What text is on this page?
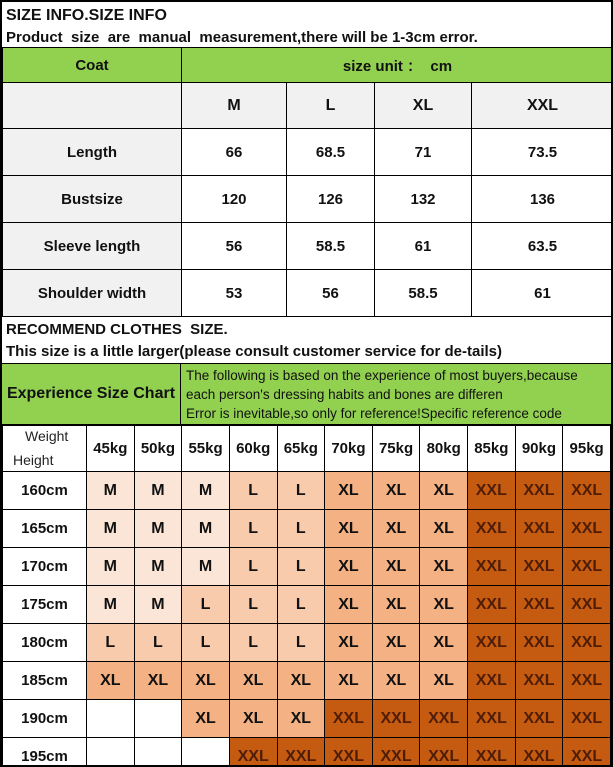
SIZE INFO.SIZE INFO
Product  size  are  manual  measurement,there will be 1-3cm error.
Coat	size unit ：  cm			
	M	L	XL	XXL
Length	66	68.5	71	73.5
Bustsize	120	126	132	136
Sleeve length	56	58.5	61	63.5
Shoulder width	53	56	58.5	61
RECOMMEND CLOTHES  SIZE.
This size is a little larger(please consult customer service for de-tails)
Experience Size Chart
The following is based on the experience of most buyers,because
each person's dressing habits and bones are differen
Error is inevitable,so only for reference!Specific reference code
Weight
Height	45kg	50kg	55kg	60kg	65kg	70kg	75kg	80kg	85kg	90kg	95kg
160cm	M	M	M	L	L	XL	XL	XL	XXL	XXL	XXL
165cm	M	M	M	L	L	XL	XL	XL	XXL	XXL	XXL
170cm	M	M	M	L	L	XL	XL	XL	XXL	XXL	XXL
175cm	M	M	L	L	L	XL	XL	XL	XXL	XXL	XXL
180cm	L	L	L	L	L	XL	XL	XL	XXL	XXL	XXL
185cm	XL	XL	XL	XL	XL	XL	XL	XL	XXL	XXL	XXL
190cm			XL	XL	XL	XXL	XXL	XXL	XXL	XXL	XXL
195cm				XXL	XXL	XXL	XXL	XXL	XXL	XXL	XXL
